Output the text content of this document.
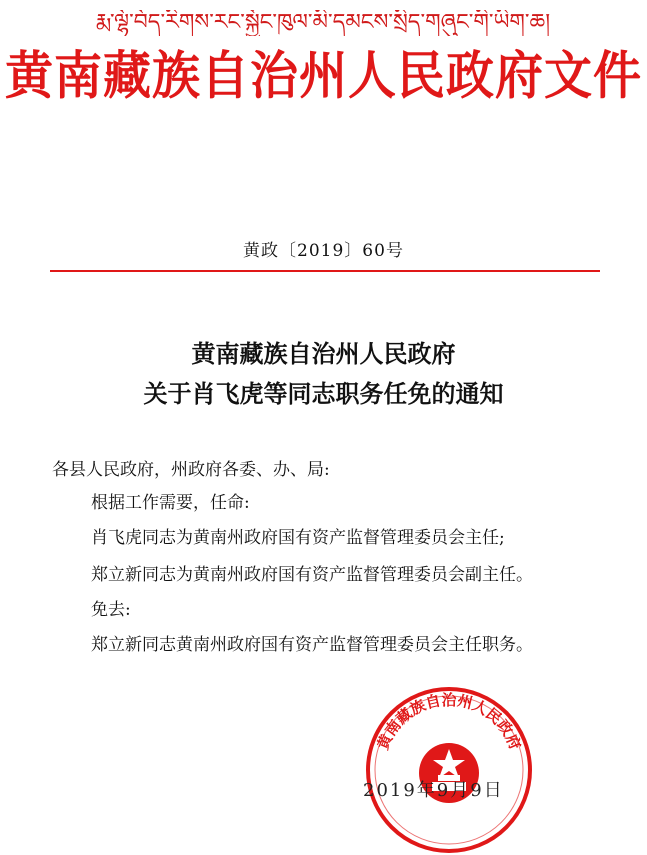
རྨ་ལྷོ་བོད་རིགས་རང་སྐྱོང་ཁུལ་མི་དམངས་སྲིད་གཞུང་གི་ཡིག་ཆ།
黄南藏族自治州人民政府文件
黄政〔2019〕60号
黄南藏族自治州人民政府
关于肖飞虎等同志职务任免的通知
各县人民政府，州政府各委、办、局:
根据工作需要，任命:
肖飞虎同志为黄南州政府国有资产监督管理委员会主任;
郑立新同志为黄南州政府国有资产监督管理委员会副主任。
免去:
郑立新同志黄南州政府国有资产监督管理委员会主任职务。
黄南藏族自治州人民政府
2019年9月9日
